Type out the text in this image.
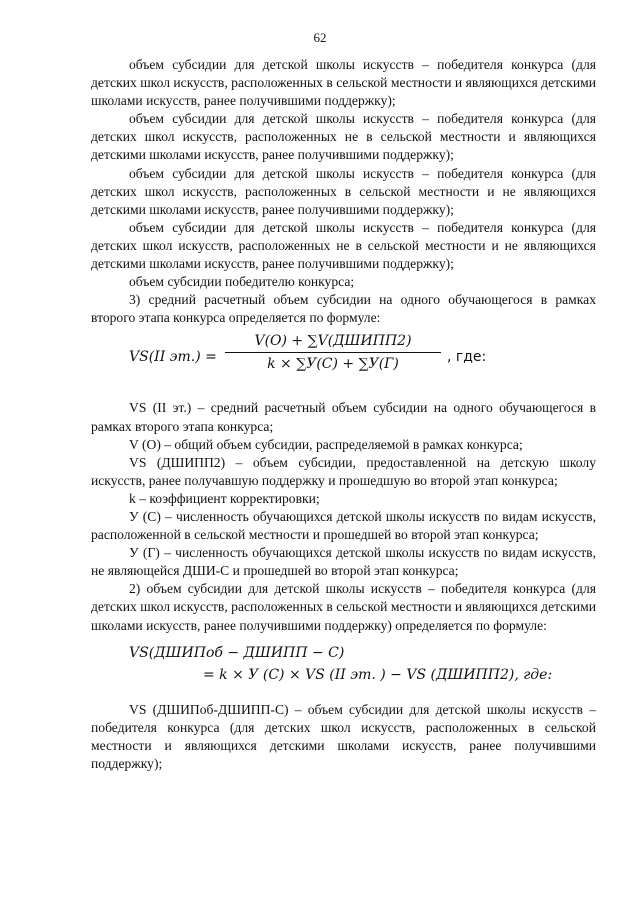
62

объем субсидии для детской школы искусств – победителя конкурса (для детских школ искусств, расположенных в сельской местности и являющихся детскими школами искусств, ранее получившими поддержку);

объем субсидии для детской школы искусств – победителя конкурса (для детских школ искусств, расположенных не в сельской местности и являющихся детскими школами искусств, ранее получившими поддержку);

объем субсидии для детской школы искусств – победителя конкурса (для детских школ искусств, расположенных в сельской местности и не являющихся детскими школами искусств, ранее получившими поддержку);

объем субсидии для детской школы искусств – победителя конкурса (для детских школ искусств, расположенных не в сельской местности и не являющихся детскими школами искусств, ранее получившими поддержку);

объем субсидии победителю конкурса;

3) средний расчетный объем субсидии на одного обучающегося в рамках второго этапа конкурса определяется по формуле:

VS(II эт.) =
V(O) + ∑V(ДШИПП2)
k × ∑У(С) + ∑У(Г)	, где:

VS (II эт.) – средний расчетный объем субсидии на одного обучающегося в рамках второго этапа конкурса;

V (O) – общий объем субсидии, распределяемой в рамках конкурса;

VS (ДШИПП2) – объем субсидии, предоставленной на детскую школу искусств, ранее получавшую поддержку и прошедшую во второй этап конкурса;

k – коэффициент корректировки;

У (С) – численность обучающихся детской школы искусств по видам искусств, расположенной в сельской местности и прошедшей во второй этап конкурса;

У (Г) – численность обучающихся детской школы искусств по видам искусств, не являющейся ДШИ-С и прошедшей во второй этап конкурса;

2) объем субсидии для детской школы искусств – победителя конкурса (для детских школ искусств, расположенных в сельской местности и являющихся детскими школами искусств, ранее получившими поддержку) определяется по формуле:

VS(ДШИПоб − ДШИПП − С)
= k × У (С) × VS (II эт. ) − VS (ДШИПП2), где:

VS (ДШИПоб-ДШИПП-С) – объем субсидии для детской школы искусств – победителя конкурса (для детских школ искусств, расположенных в сельской местности и являющихся детскими школами искусств, ранее получившими поддержку);
